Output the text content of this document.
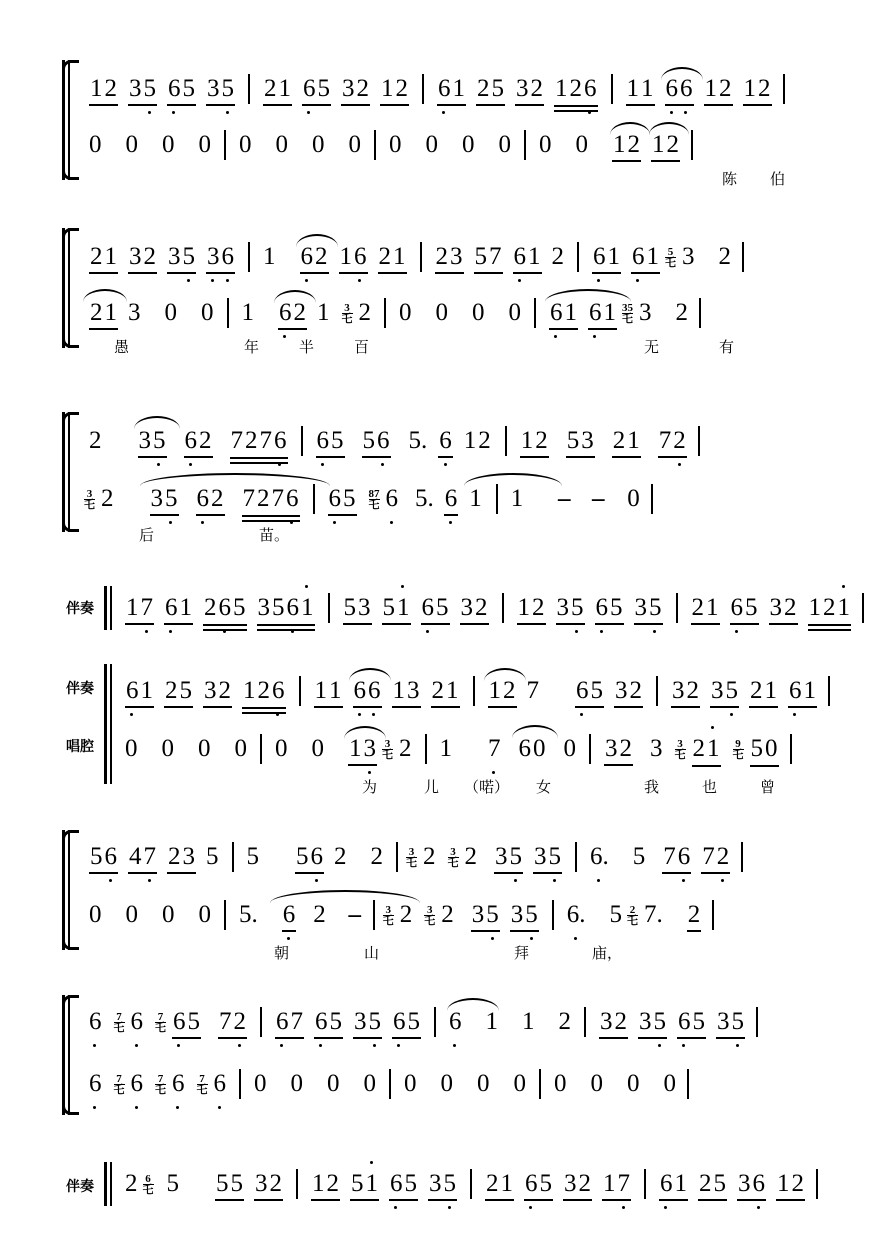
12 35 65 35 21 65 32 12 61 25 32 126 11 66 12 12
0 0 0 0 0 0 0 0 0 0 0 0 0 0 12 12
陈 伯
21 32 35 36 1 62 16 21 23 57 61 2 61 $61 \frac{5}{\text{乇}} 3$ 2
21 3 0 0 1 62 $1 \frac{3}{\text{乇}} 2$ 0 0 0 0 61 $61 \frac{35}{\text{乇}} 3$ 2
愚	年	半	百	无	有
2 35 62 7276 65 56 5. 6 12 12 53 21 72
$\frac{3}{\text{乇}} 2$ 35 62 7276 $65 \frac{87}{\text{乇}} 6$ 5. 6 1 1 – – 0
后	苗。
伴奏 17 61 265 3561 53 51 65 32 12 35 65 35 21 65 32 121
伴奏
唱腔
61 25 32 126 11 66 13 21 12 7 65 32 32 35 21 61
0 0 0 0 0 0 $13 \frac{3}{\text{乇}} 2$ 1 7 60 0 32 $3 \frac{3}{\text{乇}} 21 \frac{9}{\text{乇}} 50$
为	儿 （喏） 女	我	也	曾
56 47 23 5 5 56 2 $2 \frac{3}{\text{乇}} 2 \frac{3}{\text{乇}} 2$ 35 35 6. 5 76 72
0 0 0 0 5. 6 2 –	$\frac{3}{\text{乇}} 2 \frac{3}{\text{乇}} 2$ 35 35 6. $5 \frac{2}{\text{乇}} 7$. 2
朝	山	拜	庙，
$6 \frac{7}{\text{乇}} 6 \frac{7}{\text{乇}} 65$ 72 67 65 35 65 6 1 1 2 32 35 65 35
$6 \frac{7}{\text{乇}} 6 \frac{7}{\text{乇}} 6 \frac{7}{\text{乇}} 6$ 0 0 0 0 0 0 0 0 0 0 0 0
伴奏 $2 \frac{6}{\text{乇}} 5$ 55 32 12 51 65 35 21 65 32 17 61 25 36 12
